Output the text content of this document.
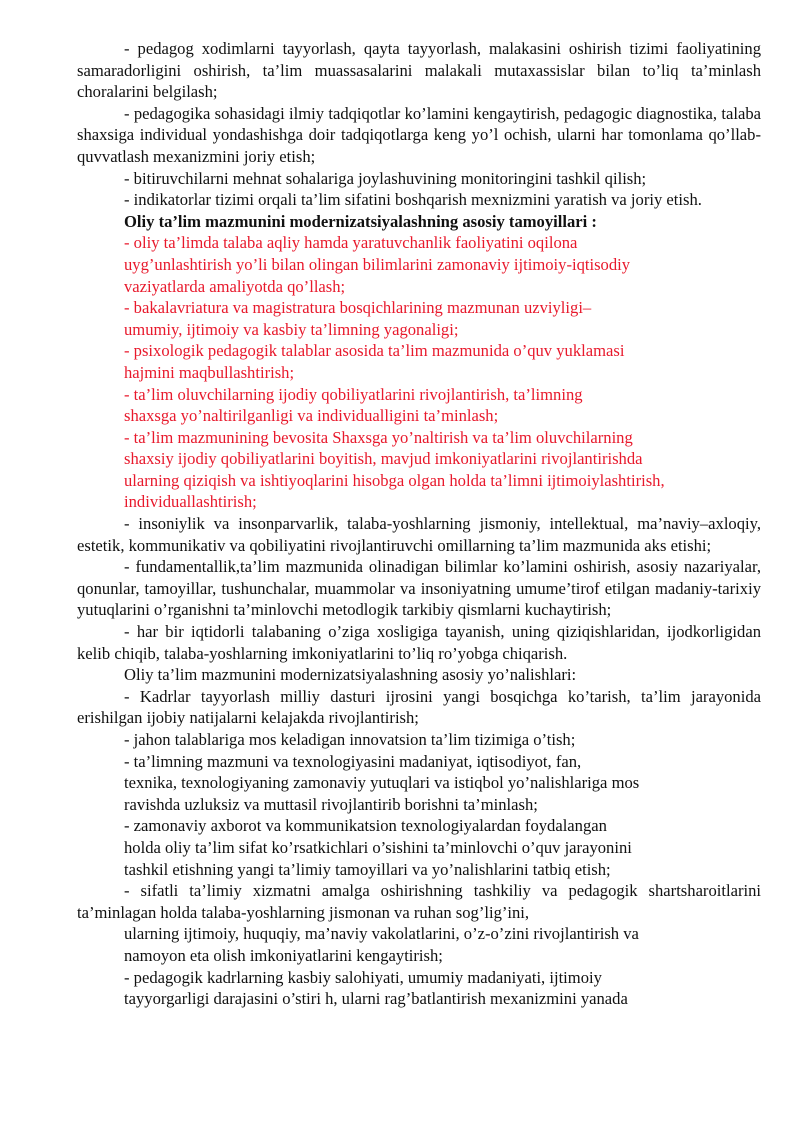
- pedagog xodimlarni tayyorlash, qayta tayyorlash, malakasini oshirish tizimi faoliyatining samaradorligini oshirish, ta’lim muassasalarini malakali mutaxassislar bilan to’liq ta’minlash choralarini belgilash;

- pedagogika sohasidagi ilmiy tadqiqotlar ko’lamini kengaytirish, pedagogic diagnostika, talaba shaxsiga individual yondashishga doir tadqiqotlarga keng yo’l ochish, ularni har tomonlama qo’llab-quvvatlash mexanizmini joriy etish;

- bitiruvchilarni mehnat sohalariga joylashuvining monitoringini tashkil qilish;

- indikatorlar tizimi orqali ta’lim sifatini boshqarish mexnizmini yaratish va joriy etish.

Oliy ta’lim mazmunini modernizatsiyalashning asosiy tamoyillari :

- oliy ta’limda talaba aqliy hamda yaratuvchanlik faoliyatini oqilona
uyg’unlashtirish yo’li bilan olingan bilimlarini zamonaviy ijtimoiy-iqtisodiy
vaziyatlarda amaliyotda qo’llash;
- bakalavriatura va magistratura bosqichlarining mazmunan uzviyligi–
umumiy, ijtimoiy va kasbiy ta’limning yagonaligi;
- psixologik pedagogik talablar asosida ta’lim mazmunida o’quv yuklamasi
hajmini maqbullashtirish;
- ta’lim oluvchilarning ijodiy qobiliyatlarini rivojlantirish, ta’limning
shaxsga yo’naltirilganligi va individualligini ta’minlash;
- ta’lim mazmunining bevosita Shaxsga yo’naltirish va ta’lim oluvchilarning
shaxsiy ijodiy qobiliyatlarini boyitish, mavjud imkoniyatlarini rivojlantirishda
ularning qiziqish va ishtiyoqlarini hisobga olgan holda ta’limni ijtimoiylashtirish,
individuallashtirish;

- insoniylik va insonparvarlik, talaba-yoshlarning jismoniy, intellektual, ma’naviy–axloqiy, estetik, kommunikativ va qobiliyatini rivojlantiruvchi omillarning ta’lim mazmunida aks etishi;

- fundamentallik,ta’lim mazmunida olinadigan bilimlar ko’lamini oshirish, asosiy nazariyalar, qonunlar, tamoyillar, tushunchalar, muammolar va insoniyatning umume’tirof etilgan madaniy-tarixiy yutuqlarini o’rganishni ta’minlovchi metodlogik tarkibiy qismlarni kuchaytirish;

- har bir iqtidorli talabaning o’ziga xosligiga tayanish, uning qiziqishlaridan, ijodkorligidan kelib chiqib, talaba-yoshlarning imkoniyatlarini to’liq ro’yobga chiqarish.

Oliy ta’lim mazmunini modernizatsiyalashning asosiy yo’nalishlari:

- Kadrlar tayyorlash milliy dasturi ijrosini yangi bosqichga ko’tarish, ta’lim jarayonida erishilgan ijobiy natijalarni kelajakda rivojlantirish;

- jahon talablariga mos keladigan innovatsion ta’lim tizimiga o’tish;

- ta’limning mazmuni va texnologiyasini madaniyat, iqtisodiyot, fan,
texnika, texnologiyaning zamonaviy yutuqlari va istiqbol yo’nalishlariga mos
ravishda uzluksiz va muttasil rivojlantirib borishni ta’minlash;
- zamonaviy axborot va kommunikatsion texnologiyalardan foydalangan
holda oliy ta’lim sifat ko’rsatkichlari o’sishini ta’minlovchi o’quv jarayonini
tashkil etishning yangi ta’limiy tamoyillari va yo’nalishlarini tatbiq etish;

- sifatli ta’limiy xizmatni amalga oshirishning tashkiliy va pedagogik shartsharoitlarini ta’minlagan holda talaba-yoshlarning jismonan va ruhan sog’lig’ini,

ularning ijtimoiy, huquqiy, ma’naviy vakolatlarini, o’z-o’zini rivojlantirish va
namoyon eta olish imkoniyatlarini kengaytirish;
- pedagogik kadrlarning kasbiy salohiyati, umumiy madaniyati, ijtimoiy
tayyorgarligi darajasini o’stiri h, ularni rag’batlantirish mexanizmini yanada
